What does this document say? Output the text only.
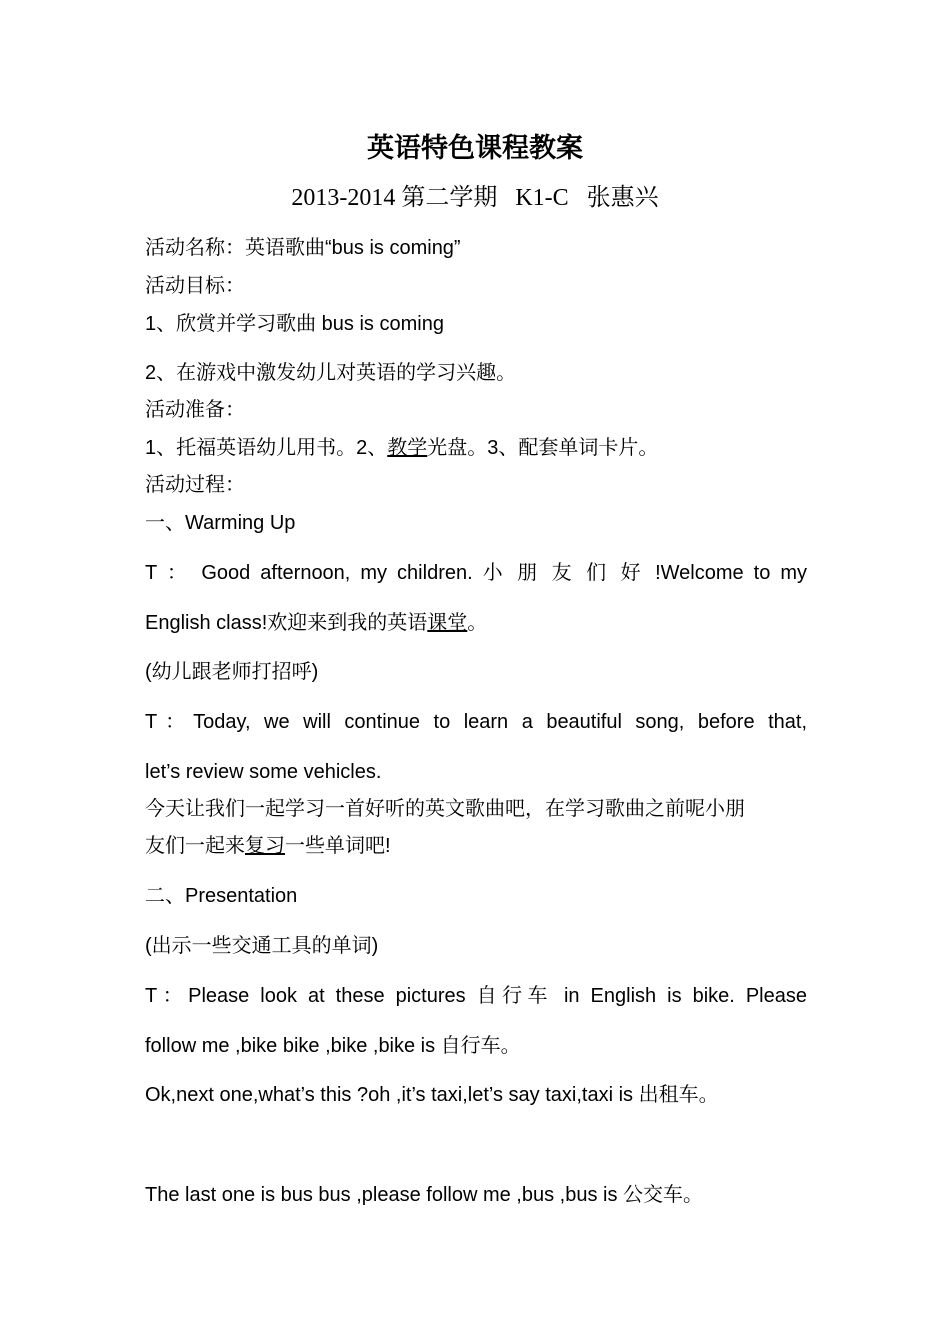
英语特色课程教案
2013-2014 第二学期   K1-C   张惠兴
活动名称：英语歌曲“bus is coming”
活动目标：
1、欣赏并学习歌曲 bus is coming
2、在游戏中激发幼儿对英语的学习兴趣。
活动准备：
1、托福英语幼儿用书。2、教学光盘。3、配套单词卡片。
活动过程：
一、Warming Up
T ： Good afternoon, my children. 小 朋 友 们 好 !Welcome to my
English class!欢迎来到我的英语课堂。
(幼儿跟老师打招呼)
T：Today, we will continue to learn a beautiful song, before that,
let’s review some vehicles.
今天让我们一起学习一首好听的英文歌曲吧，在学习歌曲之前呢小朋
友们一起来复习一些单词吧!
二、Presentation
(出示一些交通工具的单词)
T：Please look at these pictures 自行车 in English is bike. Please
follow me ,bike bike ,bike ,bike is 自行车。
Ok,next one,what’s this ?oh ,it’s taxi,let’s say taxi,taxi is 出租车。
The last one is bus bus ,please follow me ,bus ,bus is 公交车。
